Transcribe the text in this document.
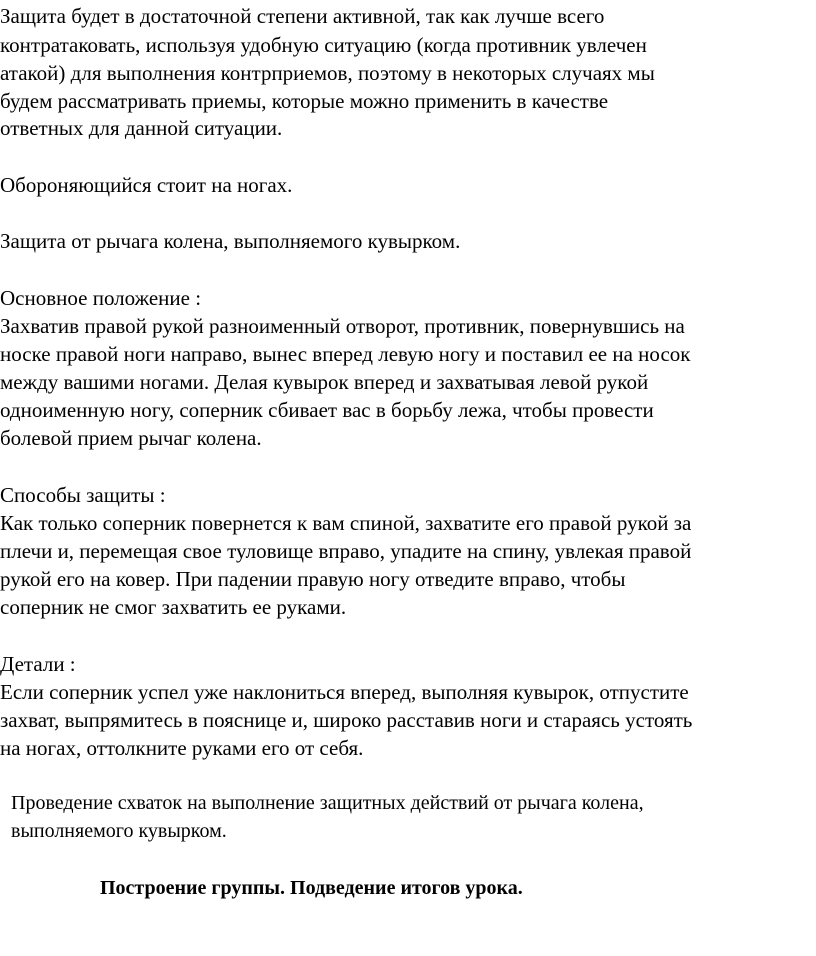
Защита будет в достаточной степени активной, так как лучше всего
контратаковать, используя удобную ситуацию (когда противник увлечен
атакой) для выполнения контрприемов, поэтому в некоторых случаях мы
будем рассматривать приемы, которые можно применить в качестве
ответных для данной ситуации.
Обороняющийся стоит на ногах.
Защита от рычага колена, выполняемого кувырком.
Основное положение :
Захватив правой рукой разноименный отворот, противник, повернувшись на
носке правой ноги направо, вынес вперед левую ногу и поставил ее на носок
между вашими ногами. Делая кувырок вперед и захватывая левой рукой
одноименную ногу, соперник сбивает вас в борьбу лежа, чтобы провести
болевой прием рычаг колена.
Способы защиты :
Как только соперник повернется к вам спиной, захватите его правой рукой за
плечи и, перемещая свое туловище вправо, упадите на спину, увлекая правой
рукой его на ковер. При падении правую ногу отведите вправо, чтобы
соперник не смог захватить ее руками.
Детали :
Если соперник успел уже наклониться вперед, выполняя кувырок, отпустите
захват, выпрямитесь в пояснице и, широко расставив ноги и стараясь устоять
на ногах, оттолкните руками его от себя.
Проведение схваток на выполнение защитных действий от рычага колена,
выполняемого кувырком.
Построение группы. Подведение итогов урока.
